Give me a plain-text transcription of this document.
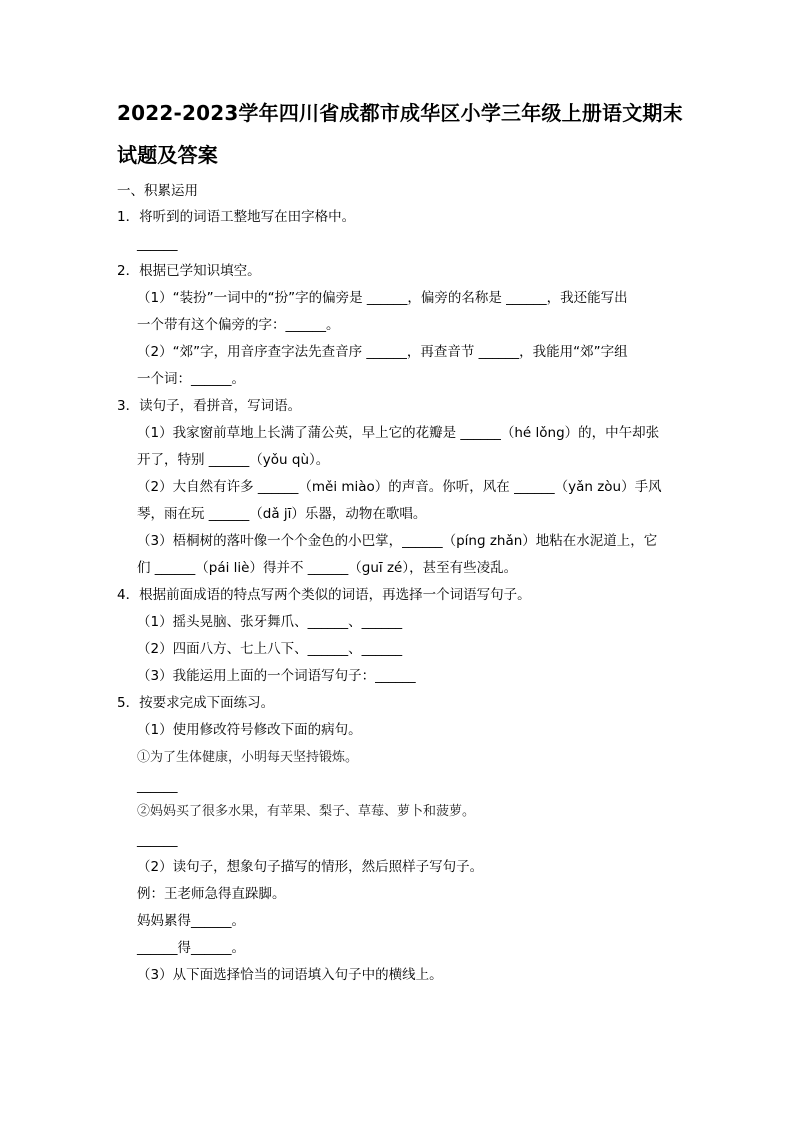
2022-2023学年四川省成都市成华区小学三年级上册语文期末试题及答案
一、积累运用
1．将听到的词语工整地写在田字格中。
______
2．根据已学知识填空。
（1）“装扮”一词中的“扮”字的偏旁是 ______，偏旁的名称是 ______，我还能写出
一个带有这个偏旁的字：______。
（2）“郊”字，用音序查字法先查音序 ______，再查音节 ______，我能用“郊”字组
一个词：______。
3．读句子，看拼音，写词语。
（1）我家窗前草地上长满了蒲公英，早上它的花瓣是 ______（hé lǒng）的，中午却张
开了，特别 ______（yǒu qù）。
（2）大自然有许多 ______（měi miào）的声音。你听，风在 ______（yǎn zòu）手风
琴，雨在玩 ______（dǎ jī）乐器，动物在歌唱。
（3）梧桐树的落叶像一个个金色的小巴掌，______（pínɡ zhǎn）地粘在水泥道上，它
们 ______（pái liè）得并不 ______（ɡuī zé），甚至有些凌乱。
4．根据前面成语的特点写两个类似的词语，再选择一个词语写句子。
（1）摇头晃脑、张牙舞爪、______、______
（2）四面八方、七上八下、______、______
（3）我能运用上面的一个词语写句子：______
5．按要求完成下面练习。
（1）使用修改符号修改下面的病句。
①为了生体健康，小明每天坚持锻炼。
______
②妈妈买了很多水果，有苹果、梨子、草莓、萝卜和菠萝。
______
（2）读句子，想象句子描写的情形，然后照样子写句子。
例：王老师急得直跺脚。
妈妈累得______。
______得______。
（3）从下面选择恰当的词语填入句子中的横线上。
